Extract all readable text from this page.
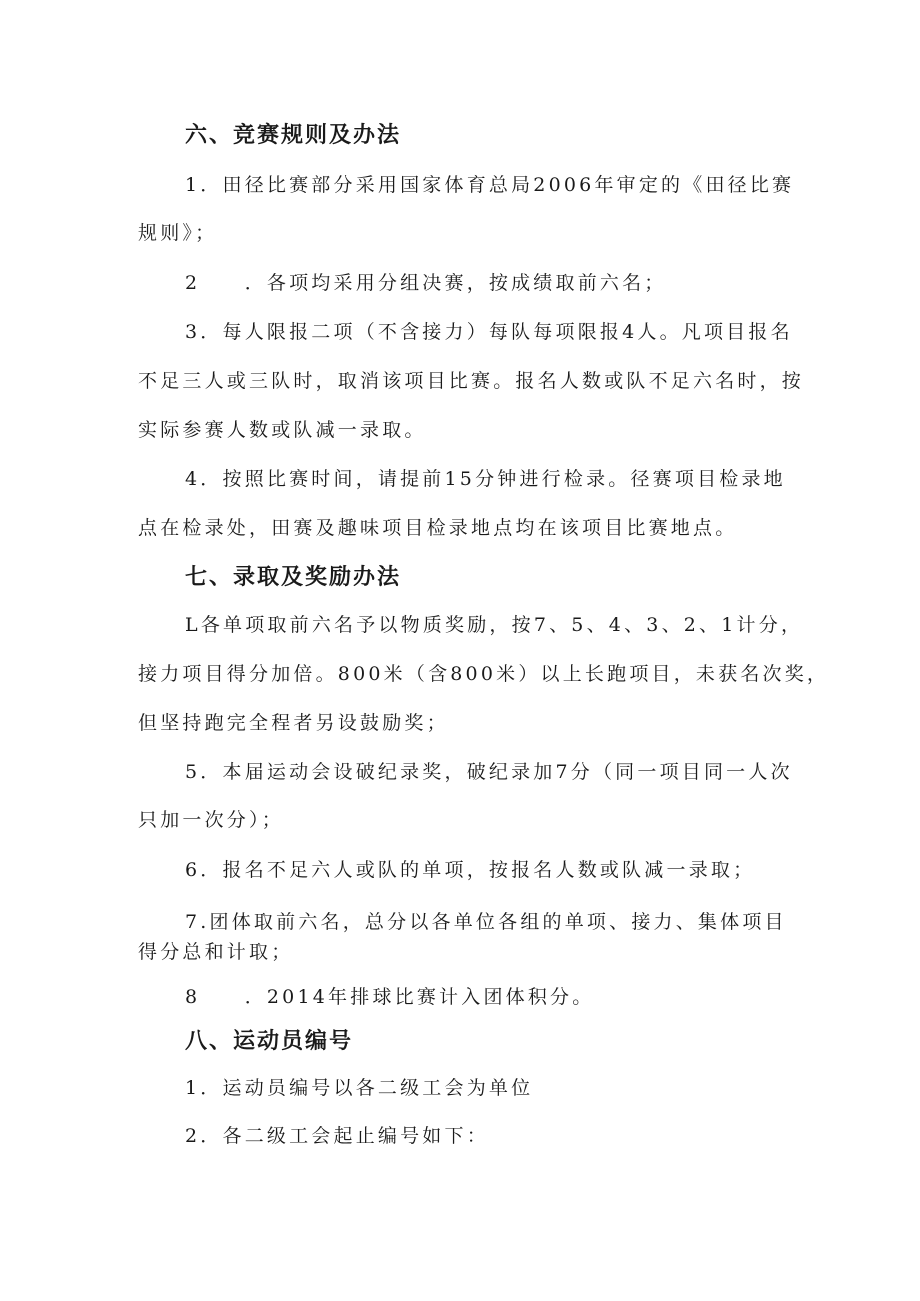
六、竞赛规则及办法
1．田径比赛部分采用国家体育总局2006年审定的《田径比赛
规则》；
2　　．各项均采用分组决赛，按成绩取前六名；
3．每人限报二项（不含接力）每队每项限报4人。凡项目报名
不足三人或三队时，取消该项目比赛。报名人数或队不足六名时，按
实际参赛人数或队减一录取。
4．按照比赛时间，请提前15分钟进行检录。径赛项目检录地
点在检录处，田赛及趣味项目检录地点均在该项目比赛地点。
七、录取及奖励办法
L各单项取前六名予以物质奖励，按7、5、4、3、2、1计分，
接力项目得分加倍。800米（含800米）以上长跑项目，未获名次奖，
但坚持跑完全程者另设鼓励奖；
5．本届运动会设破纪录奖，破纪录加7分（同一项目同一人次
只加一次分）；
6．报名不足六人或队的单项，按报名人数或队减一录取；
7.团体取前六名，总分以各单位各组的单项、接力、集体项目
得分总和计取；
8　　．2014年排球比赛计入团体积分。
八、运动员编号
1．运动员编号以各二级工会为单位
2．各二级工会起止编号如下：
